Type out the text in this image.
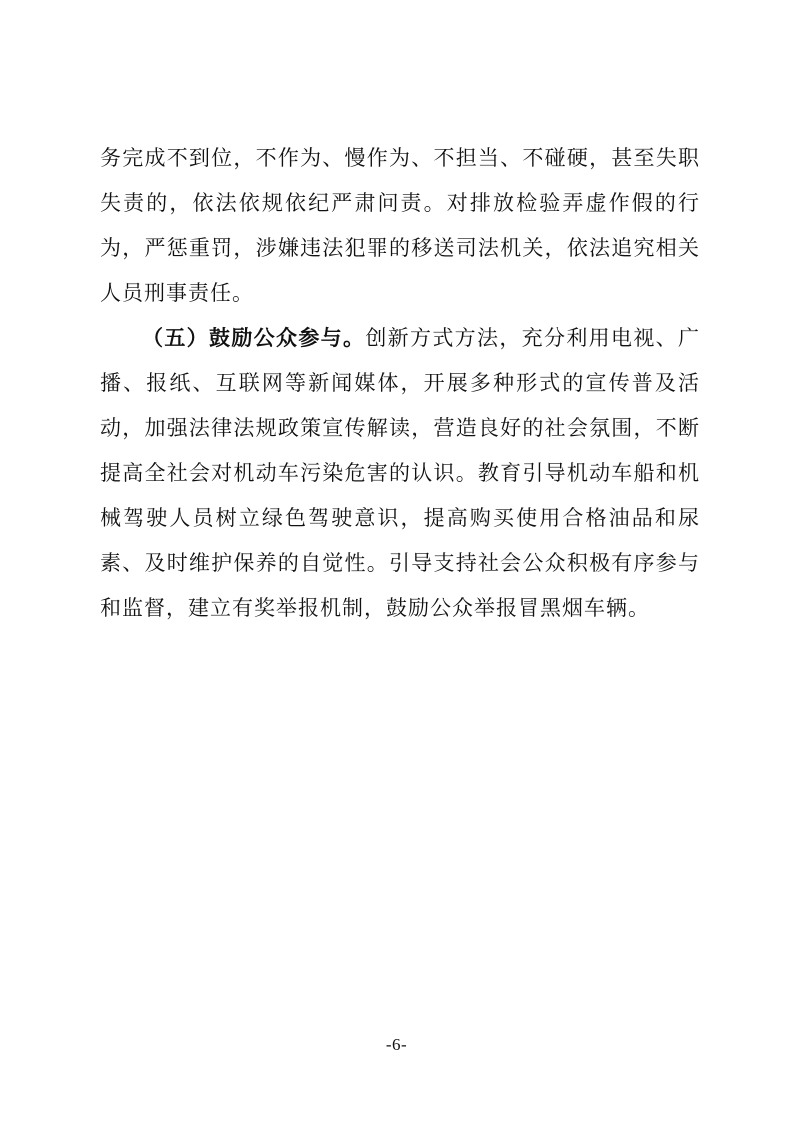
务完成不到位，不作为、慢作为、不担当、不碰硬，甚至失职失责的，依法依规依纪严肃问责。对排放检验弄虚作假的行为，严惩重罚，涉嫌违法犯罪的移送司法机关，依法追究相关人员刑事责任。

（五）鼓励公众参与。创新方式方法，充分利用电视、广播、报纸、互联网等新闻媒体，开展多种形式的宣传普及活动，加强法律法规政策宣传解读，营造良好的社会氛围，不断提高全社会对机动车污染危害的认识。教育引导机动车船和机械驾驶人员树立绿色驾驶意识，提高购买使用合格油品和尿素、及时维护保养的自觉性。引导支持社会公众积极有序参与和监督，建立有奖举报机制，鼓励公众举报冒黑烟车辆。

-6-
